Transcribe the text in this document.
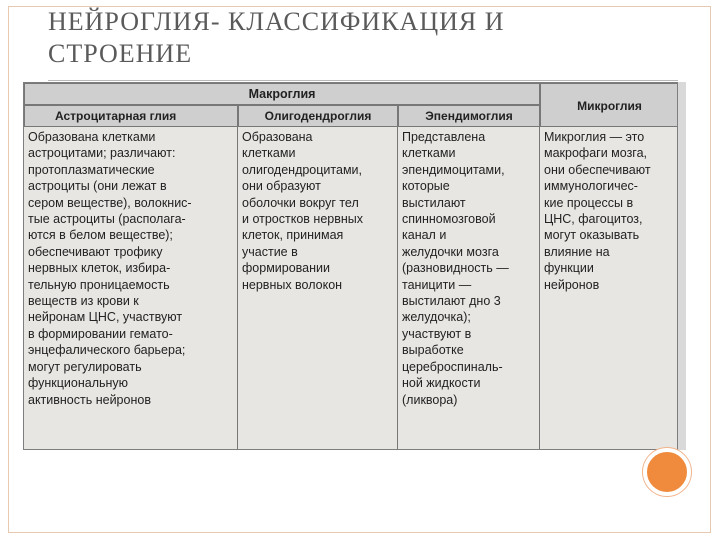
НЕЙРОГЛИЯ- КЛАССИФИКАЦИЯ И
СТРОЕНИЕ
Макроглия
Астроцитарная глия	Олигодендроглия	Эпендимоглия
Микроглия
Образована клетками
астроцитами; различают:
протоплазматические
астроциты (они лежат в
сером веществе), волокнис-
тые астроциты (располага-
ются в белом веществе);
обеспечивают трофику
нервных клеток, избира-
тельную проницаемость
веществ из крови к
нейронам ЦНС, участвуют
в формировании гемато-
энцефалического барьера;
могут регулировать
функциональную
активность нейронов
Образована
клетками
олигодендроцитами,
они образуют
оболочки вокруг тел
и отростков нервных
клеток, принимая
участие в
формировании
нервных волокон
Представлена
клетками
эпендимоцитами,
которые
выстилают
спинномозговой
канал и
желудочки мозга
(разновидность —
таницити —
выстилают дно 3
желудочка);
участвуют в
выработке
цереброспиналь-
ной жидкости
(ликвора)
Микроглия — это
макрофаги мозга,
они обеспечивают
иммунологичес-
кие процессы в
ЦНС, фагоцитоз,
могут оказывать
влияние на
функции
нейронов
